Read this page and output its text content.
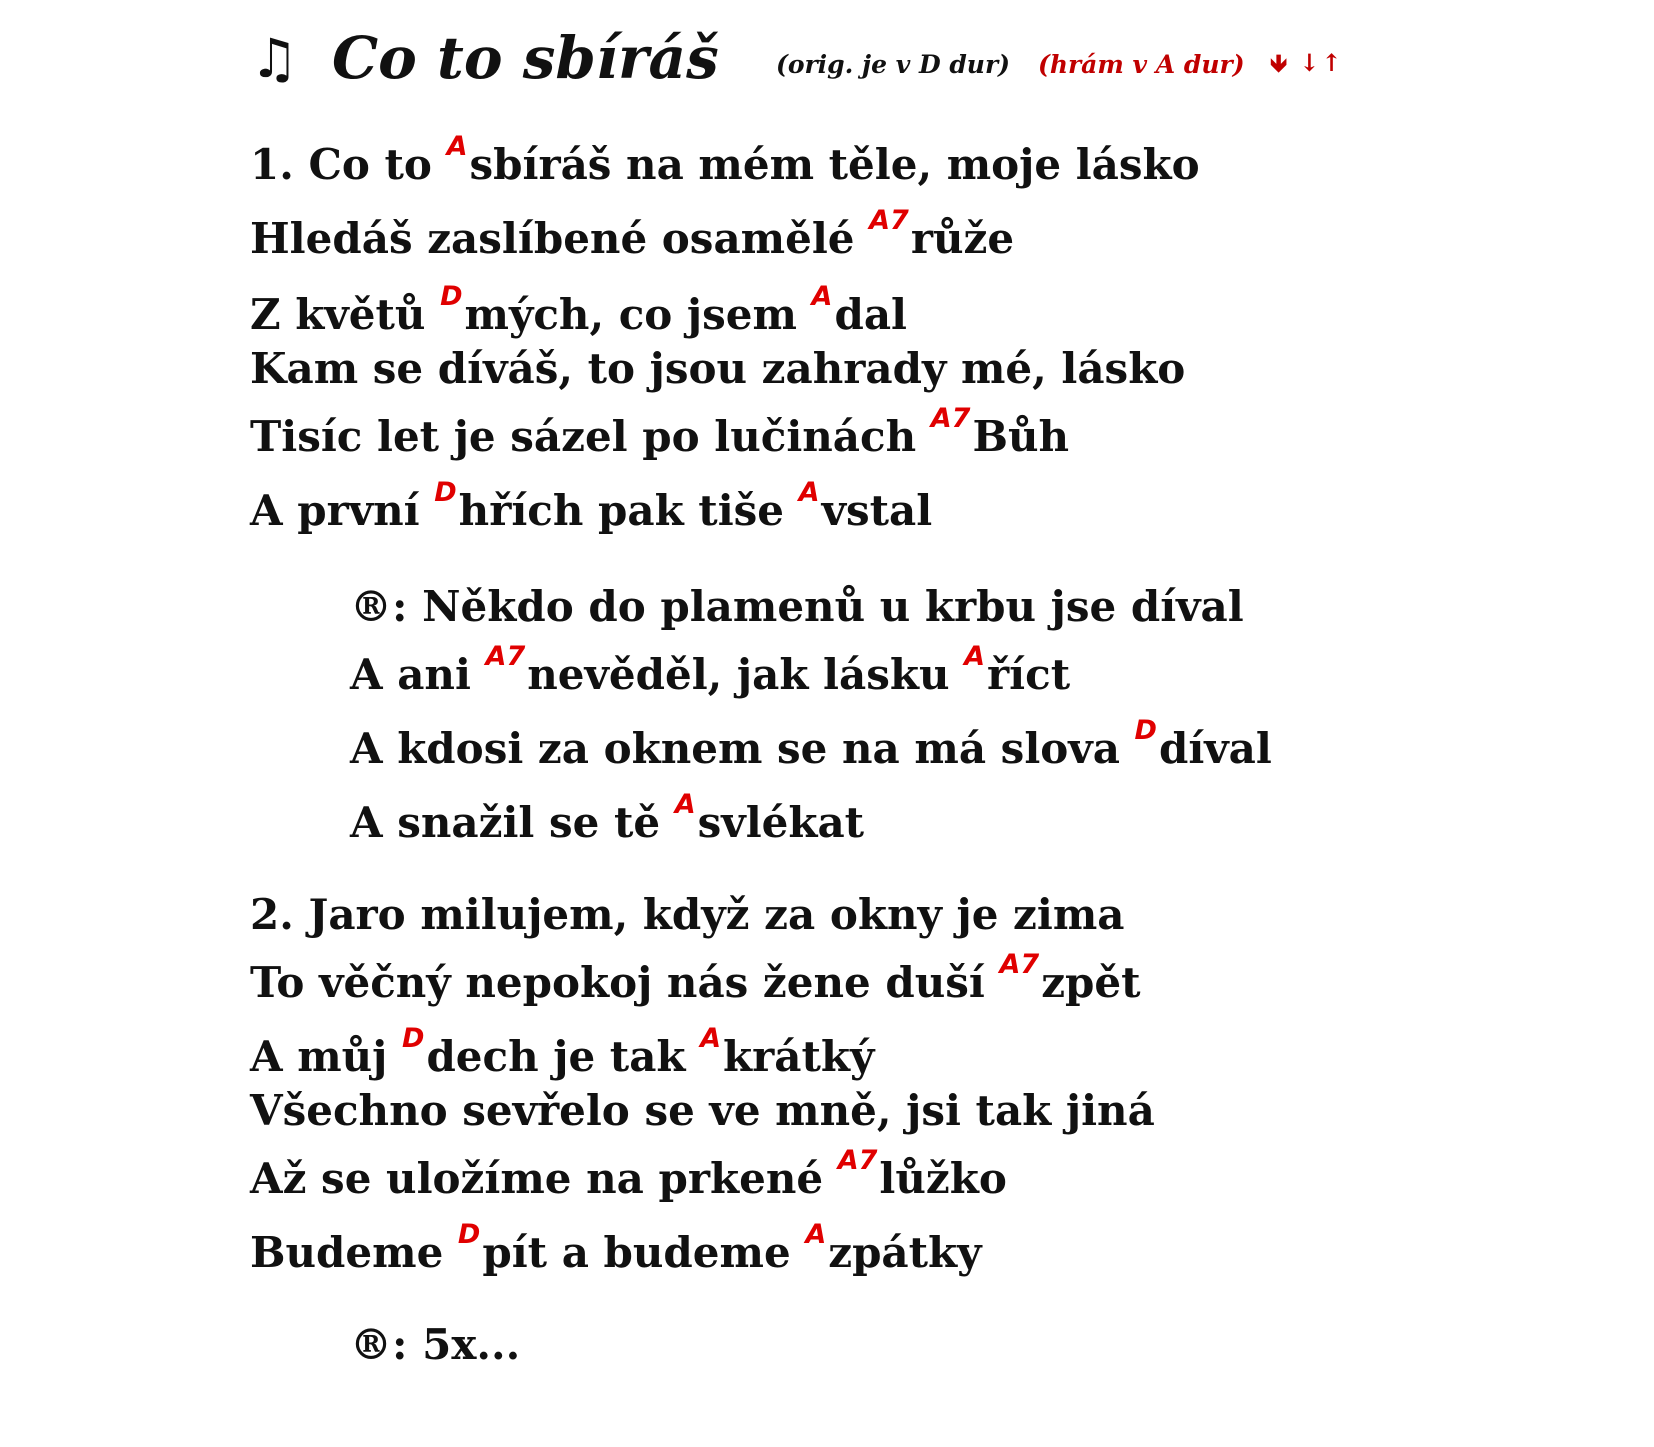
♫ Co to sbíráš (orig. je v D dur) (hrám v A dur) 🡻 ↓↑
1. Co to $^A$sbíráš na mém těle, moje lásko
Hledáš zaslíbené osamělé $^{A7}$růže
Z květů $^D$mých, co jsem $^A$dal
Kam se díváš, to jsou zahrady mé, lásko
Tisíc let je sázel po lučinách $^{A7}$Bůh
A první $^D$hřích pak tiše $^A$vstal
®: Někdo do plamenů u krbu jse díval
A ani $^{A7}$nevěděl, jak lásku $^A$říct
A kdosi za oknem se na má slova $^D$díval
A snažil se tě $^A$svlékat
2. Jaro milujem, když za okny je zima
To věčný nepokoj nás žene duší $^{A7}$zpět
A můj $^D$dech je tak $^A$krátký
Všechno sevřelo se ve mně, jsi tak jiná
Až se uložíme na prkené $^{A7}$lůžko
Budeme $^D$pít a budeme $^A$zpátky
®: 5x...
